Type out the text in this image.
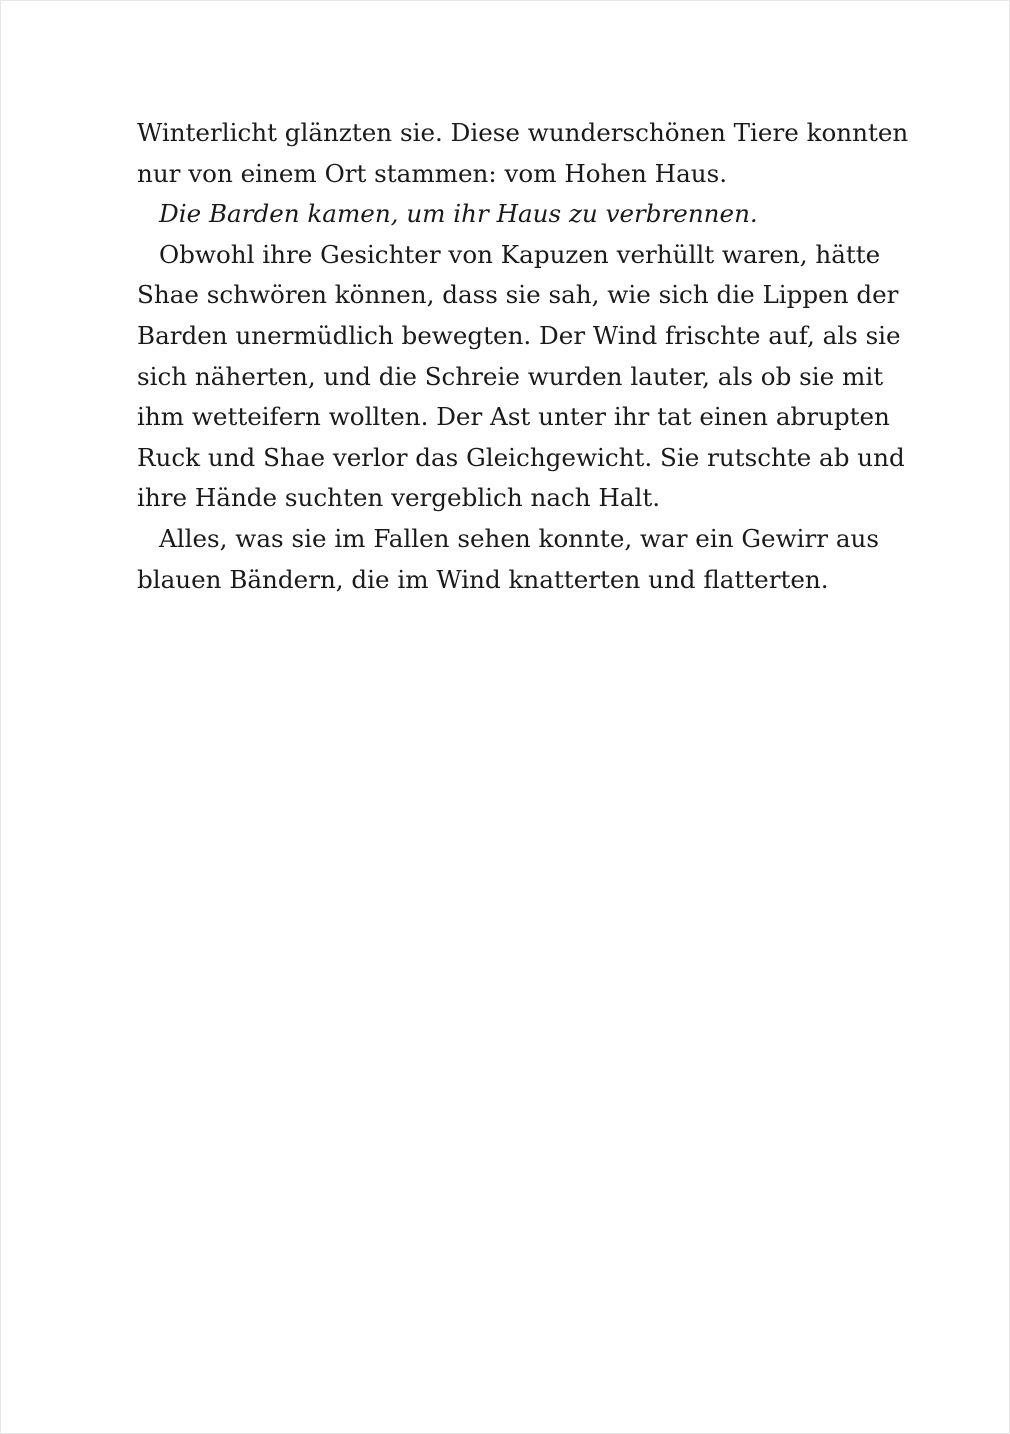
Winterlicht glänzten sie. Diese wunderschönen Tiere konnten
nur von einem Ort stammen: vom Hohen Haus.
Die Barden kamen, um ihr Haus zu verbrennen.
Obwohl ihre Gesichter von Kapuzen verhüllt waren, hätte
Shae schwören können, dass sie sah, wie sich die Lippen der
Barden unermüdlich bewegten. Der Wind frischte auf, als sie
sich näherten, und die Schreie wurden lauter, als ob sie mit
ihm wetteifern wollten. Der Ast unter ihr tat einen abrupten
Ruck und Shae verlor das Gleichgewicht. Sie rutschte ab und
ihre Hände suchten vergeblich nach Halt.
Alles, was sie im Fallen sehen konnte, war ein Gewirr aus
blauen Bändern, die im Wind knatterten und flatterten.
